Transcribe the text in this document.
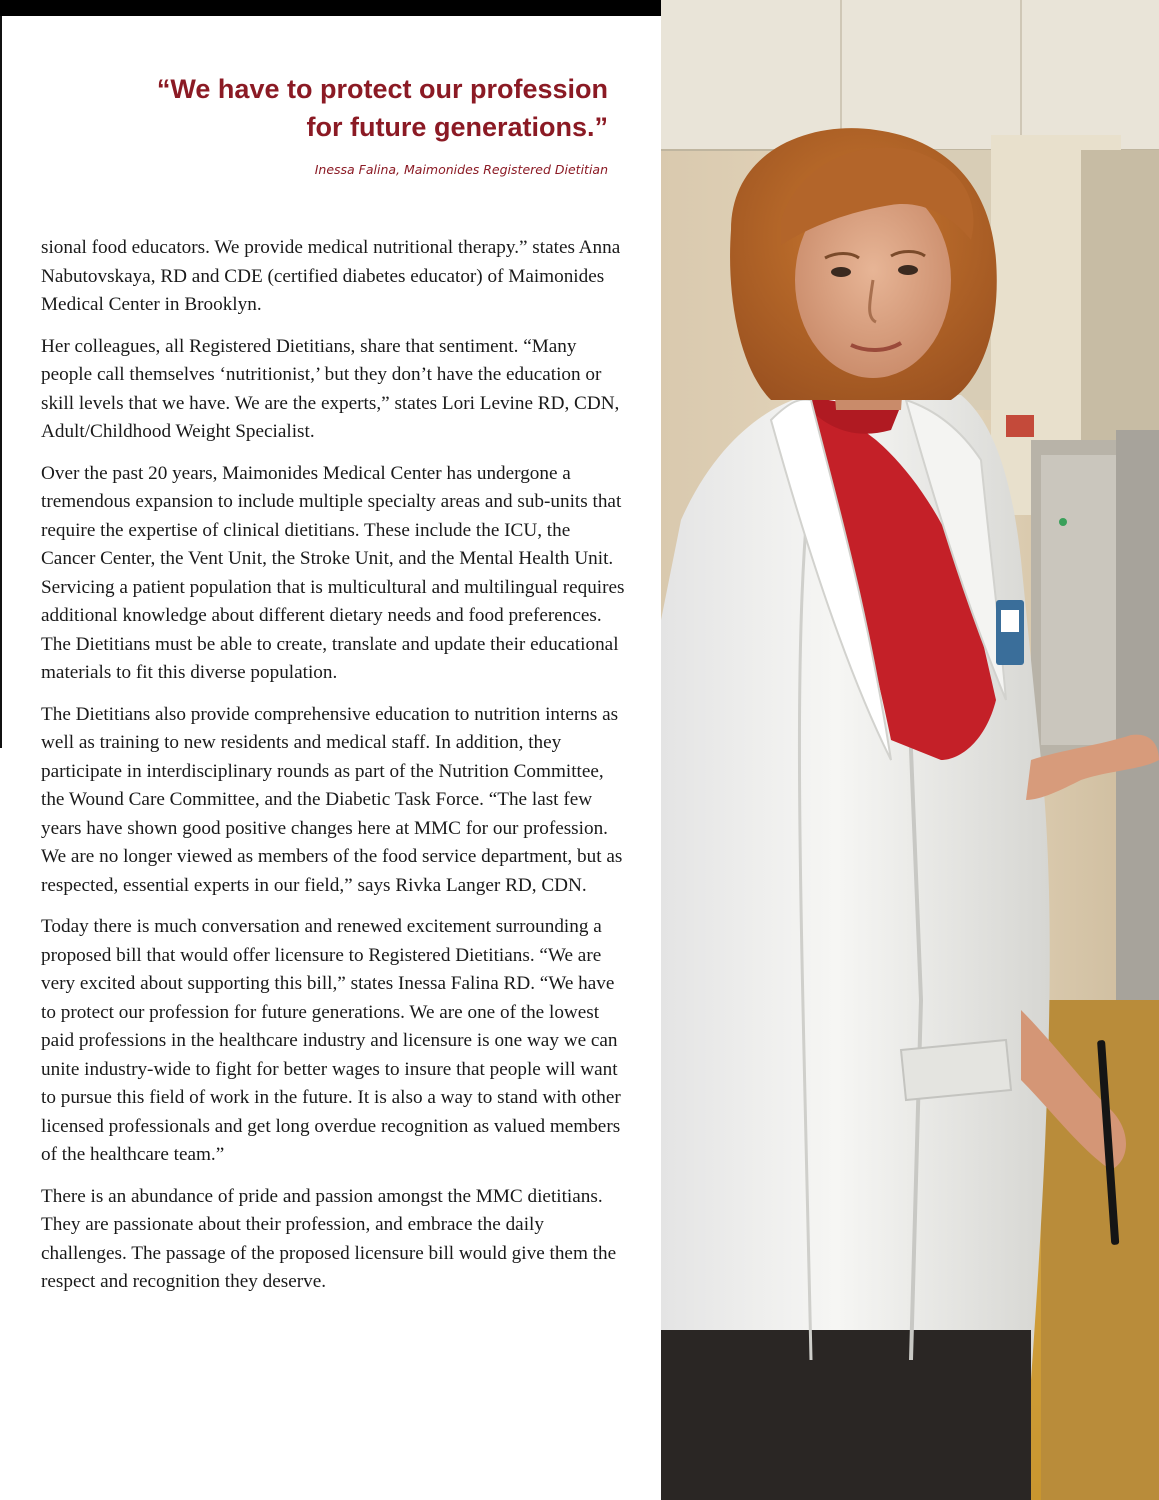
“We have to protect our profession
for future generations.”

Inessa Falina, Maimonides Registered Dietitian

sional food educators. We provide medical nutritional therapy.” states Anna Nabutovskaya, RD and CDE (certified diabetes educator) of Maimonides Medical Center in Brooklyn.

Her colleagues, all Registered Dietitians, share that sentiment. “Many people call themselves ‘nutritionist,’ but they don’t have the education or skill levels that we have. We are the experts,” states Lori Levine RD, CDN, Adult/Childhood Weight Specialist.

Over the past 20 years, Maimonides Medical Center has undergone a tremendous expansion to include multiple specialty areas and sub-units that require the expertise of clinical dietitians. These include the ICU, the Cancer Center, the Vent Unit, the Stroke Unit, and the Mental Health Unit. Servicing a patient population that is multicultural and multilingual requires additional knowledge about different dietary needs and food preferences. The Dietitians must be able to create, translate and update their educational materials to fit this diverse population.

The Dietitians also provide comprehensive education to nutrition interns as well as training to new residents and medical staff. In addition, they participate in interdisciplinary rounds as part of the Nutrition Committee, the Wound Care Committee, and the Diabetic Task Force. “The last few years have shown good positive changes here at MMC for our profession. We are no longer viewed as members of the food service department, but as respected, essential experts in our field,” says Rivka Langer RD, CDN.

Today there is much conversation and renewed excitement surrounding a proposed bill that would offer licensure to Registered Dietitians. “We are very excited about supporting this bill,” states Inessa Falina RD. “We have to protect our profession for future generations. We are one of the lowest paid professions in the healthcare industry and licensure is one way we can unite industry-wide to fight for better wages to insure that people will want to pursue this field of work in the future. It is also a way to stand with other licensed professionals and get long overdue recognition as valued members of the healthcare team.”

There is an abundance of pride and passion amongst the MMC dietitians. They are passionate about their profession, and embrace the daily challenges. The passage of the proposed licensure bill would give them the respect and recognition they deserve.
